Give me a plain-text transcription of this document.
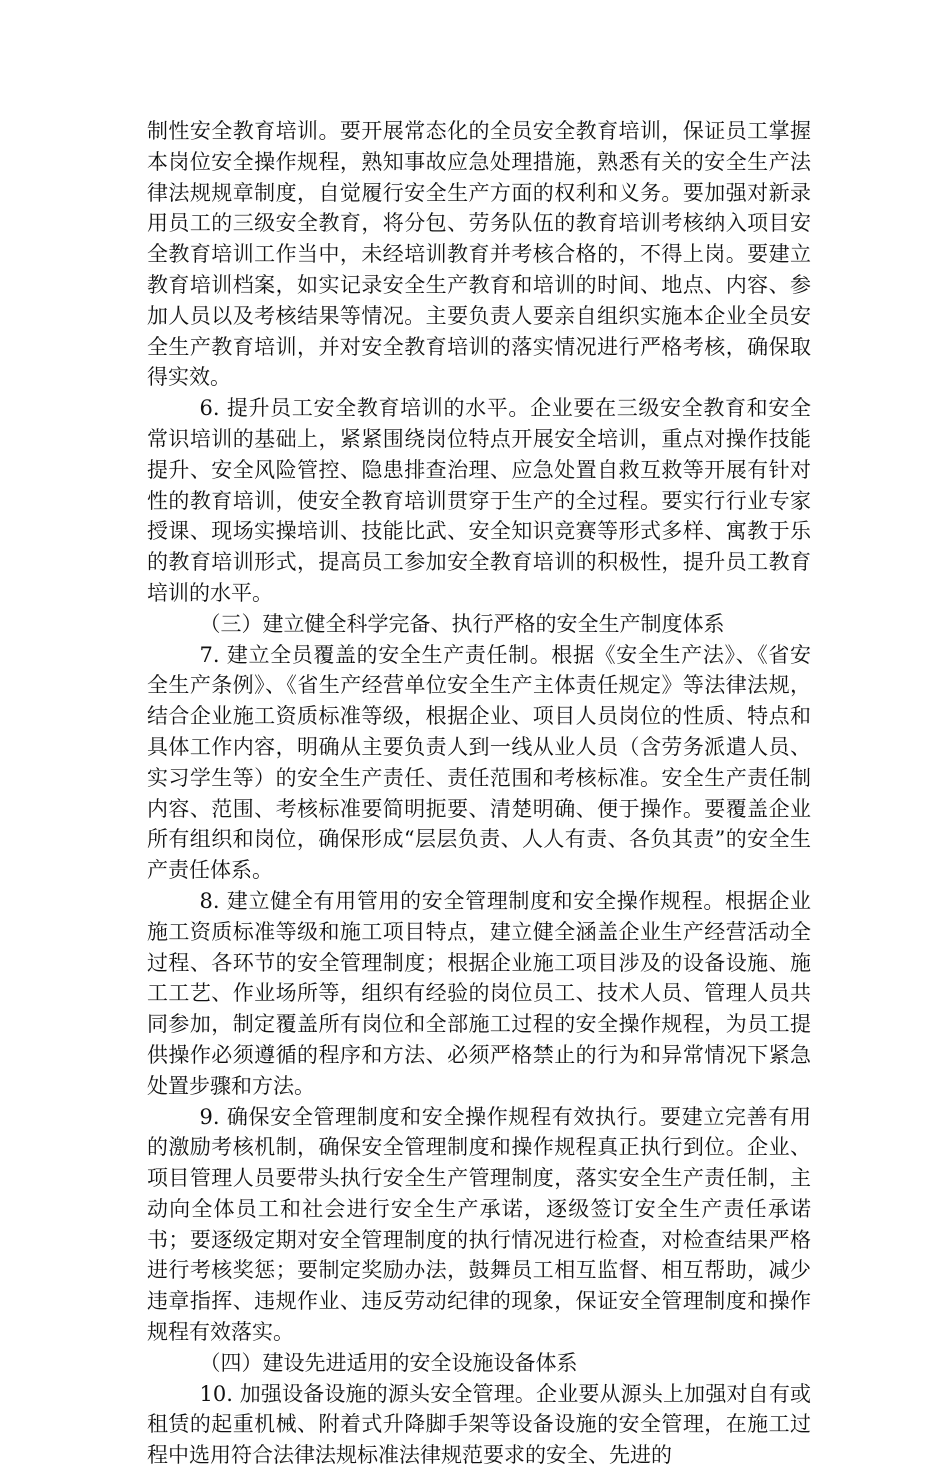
制性安全教育培训。要开展常态化的全员安全教育培训，保证员工掌握本岗位安全操作规程，熟知事故应急处理措施，熟悉有关的安全生产法律法规规章制度，自觉履行安全生产方面的权利和义务。要加强对新录用员工的三级安全教育，将分包、劳务队伍的教育培训考核纳入项目安全教育培训工作当中，未经培训教育并考核合格的，不得上岗。要建立教育培训档案，如实记录安全生产教育和培训的时间、地点、内容、参加人员以及考核结果等情况。主要负责人要亲自组织实施本企业全员安全生产教育培训，并对安全教育培训的落实情况进行严格考核，确保取得实效。

6. 提升员工安全教育培训的水平。企业要在三级安全教育和安全常识培训的基础上，紧紧围绕岗位特点开展安全培训，重点对操作技能提升、安全风险管控、隐患排查治理、应急处置自救互救等开展有针对性的教育培训，使安全教育培训贯穿于生产的全过程。要实行行业专家授课、现场实操培训、技能比武、安全知识竞赛等形式多样、寓教于乐的教育培训形式，提高员工参加安全教育培训的积极性，提升员工教育培训的水平。

（三）建立健全科学完备、执行严格的安全生产制度体系

7. 建立全员覆盖的安全生产责任制。根据《安全生产法》、《省安全生产条例》、《省生产经营单位安全生产主体责任规定》等法律法规，结合企业施工资质标准等级，根据企业、项目人员岗位的性质、特点和具体工作内容，明确从主要负责人到一线从业人员（含劳务派遣人员、实习学生等）的安全生产责任、责任范围和考核标准。安全生产责任制内容、范围、考核标准要简明扼要、清楚明确、便于操作。要覆盖企业所有组织和岗位，确保形成“层层负责、人人有责、各负其责”的安全生产责任体系。

8. 建立健全有用管用的安全管理制度和安全操作规程。根据企业施工资质标准等级和施工项目特点，建立健全涵盖企业生产经营活动全过程、各环节的安全管理制度；根据企业施工项目涉及的设备设施、施工工艺、作业场所等，组织有经验的岗位员工、技术人员、管理人员共同参加，制定覆盖所有岗位和全部施工过程的安全操作规程，为员工提供操作必须遵循的程序和方法、必须严格禁止的行为和异常情况下紧急处置步骤和方法。

9. 确保安全管理制度和安全操作规程有效执行。要建立完善有用的激励考核机制，确保安全管理制度和操作规程真正执行到位。企业、项目管理人员要带头执行安全生产管理制度，落实安全生产责任制，主动向全体员工和社会进行安全生产承诺，逐级签订安全生产责任承诺书；要逐级定期对安全管理制度的执行情况进行检查，对检查结果严格进行考核奖惩；要制定奖励办法，鼓舞员工相互监督、相互帮助，减少违章指挥、违规作业、违反劳动纪律的现象，保证安全管理制度和操作规程有效落实。

（四）建设先进适用的安全设施设备体系

10. 加强设备设施的源头安全管理。企业要从源头上加强对自有或租赁的起重机械、附着式升降脚手架等设备设施的安全管理，在施工过程中选用符合法律法规标准法律规范要求的安全、先进的
